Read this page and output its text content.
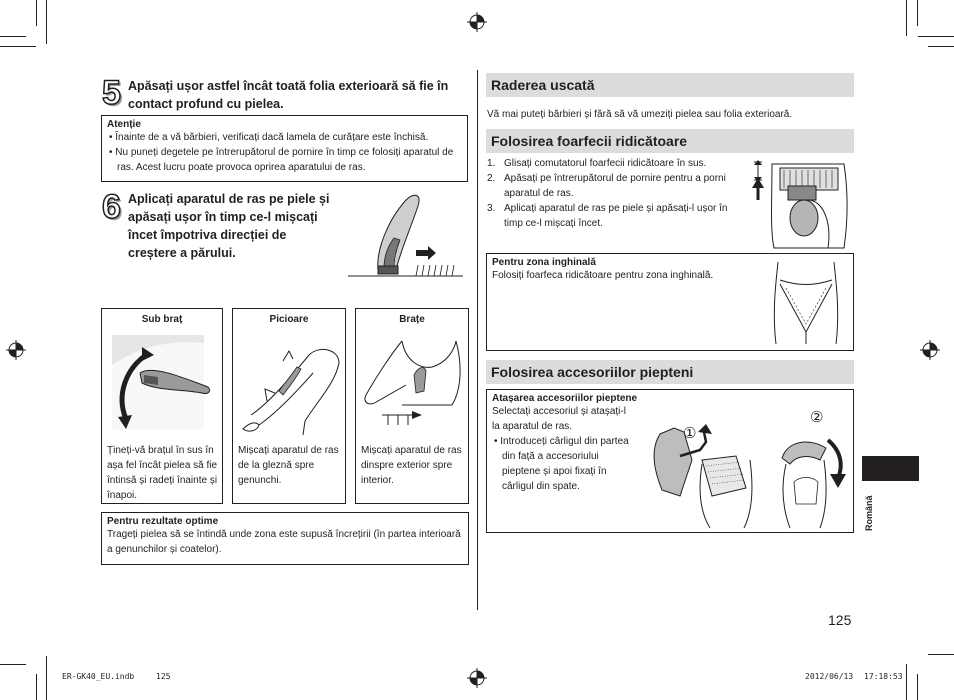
5 Apăsați ușor astfel încât toată folia exterioară să fie în contact profund cu pielea.
Atenție
• Înainte de a vă bărbieri, verificați dacă lamela de curățare este închisă.
• Nu puneți degetele pe întrerupătorul de pornire în timp ce folosiți aparatul de ras. Acest lucru poate provoca oprirea aparatului de ras.
6 Aplicați aparatul de ras pe piele și apăsați ușor în timp ce-l mișcați încet împotriva direcției de creștere a părului.
Sub braț
Țineți-vă brațul în sus în așa fel încât pielea să fie întinsă și radeți înainte și înapoi.
Picioare
Mișcați aparatul de ras de la gleznă spre genunchi.
Brațe
Mișcați aparatul de ras dinspre exterior spre interior.
Pentru rezultate optime
Trageți pielea să se întindă unde zona este supusă încrețirii (în partea interioară a genunchilor și coatelor).
Raderea uscată
Vă mai puteți bărbieri și fără să vă umeziți pielea sau folia exterioară.
Folosirea foarfecii ridicătoare
1. Glisați comutatorul foarfecii ridicătoare în sus.
2. Apăsați pe întrerupătorul de pornire pentru a porni aparatul de ras.
3. Aplicați aparatul de ras pe piele și apăsați-l ușor în timp ce-l mișcați încet.
Pentru zona inghinală
Folosiți foarfeca ridicătoare pentru zona inghinală.
Folosirea accesoriilor piepteni
Atașarea accesoriilor pieptene
Selectați accesoriul și atașați-l la aparatul de ras.
• Introduceți cârligul din partea din față a accesoriului pieptene și apoi fixați în cârligul din spate.
①
②
Română
125
ER-GK40_EU.indb	125	2012/06/13 17:18:53
